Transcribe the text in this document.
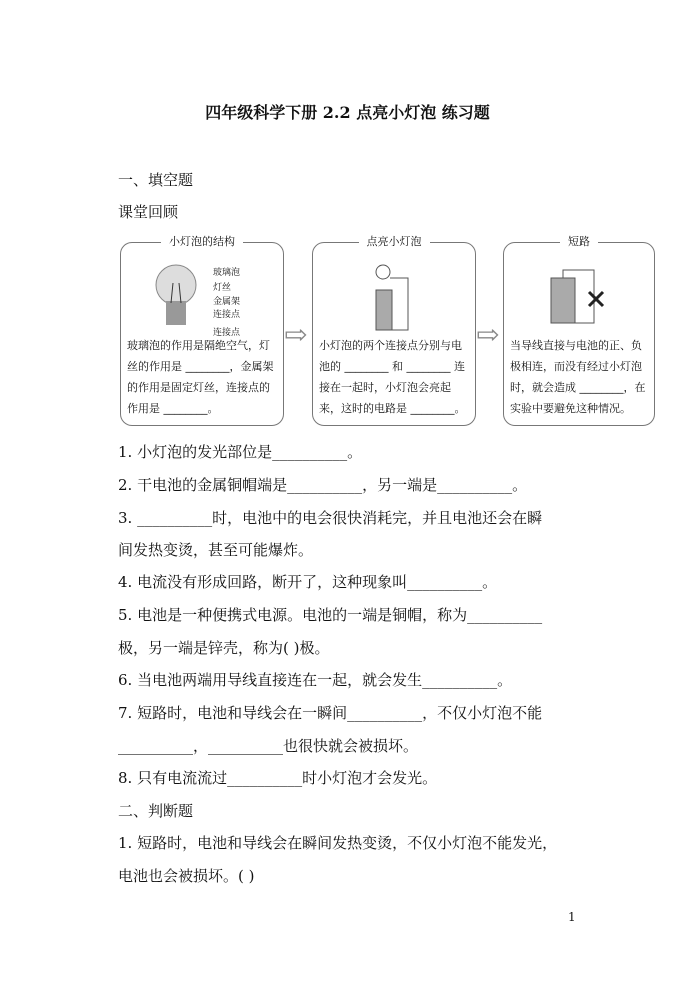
四年级科学下册 2.2 点亮小灯泡 练习题
一、填空题
课堂回顾
小灯泡的结构
玻璃泡
灯丝
金属架
连接点
连接点
玻璃泡的作用是隔绝空气，灯丝的作用是 ________，金属架的作用是固定灯丝，连接点的作用是 ________。
⇨
点亮小灯泡
小灯泡的两个连接点分别与电池的 ________ 和 ________ 连接在一起时，小灯泡会亮起来，这时的电路是 ________。
⇨
短路
当导线直接与电池的正、负极相连，而没有经过小灯泡时，就会造成 ________，在实验中要避免这种情况。
1. 小灯泡的发光部位是__________。
2. 干电池的金属铜帽端是__________，另一端是__________。
3. __________时，电池中的电会很快消耗完，并且电池还会在瞬
间发热变烫，甚至可能爆炸。
4. 电流没有形成回路，断开了，这种现象叫__________。
5. 电池是一种便携式电源。电池的一端是铜帽，称为__________
极，另一端是锌壳，称为( )极。
6. 当电池两端用导线直接连在一起，就会发生__________。
7. 短路时，电池和导线会在一瞬间__________，不仅小灯泡不能
__________，__________也很快就会被损坏。
8. 只有电流流过__________时小灯泡才会发光。
二、判断题
1. 短路时，电池和导线会在瞬间发热变烫，不仅小灯泡不能发光，
电池也会被损坏。( )
1
